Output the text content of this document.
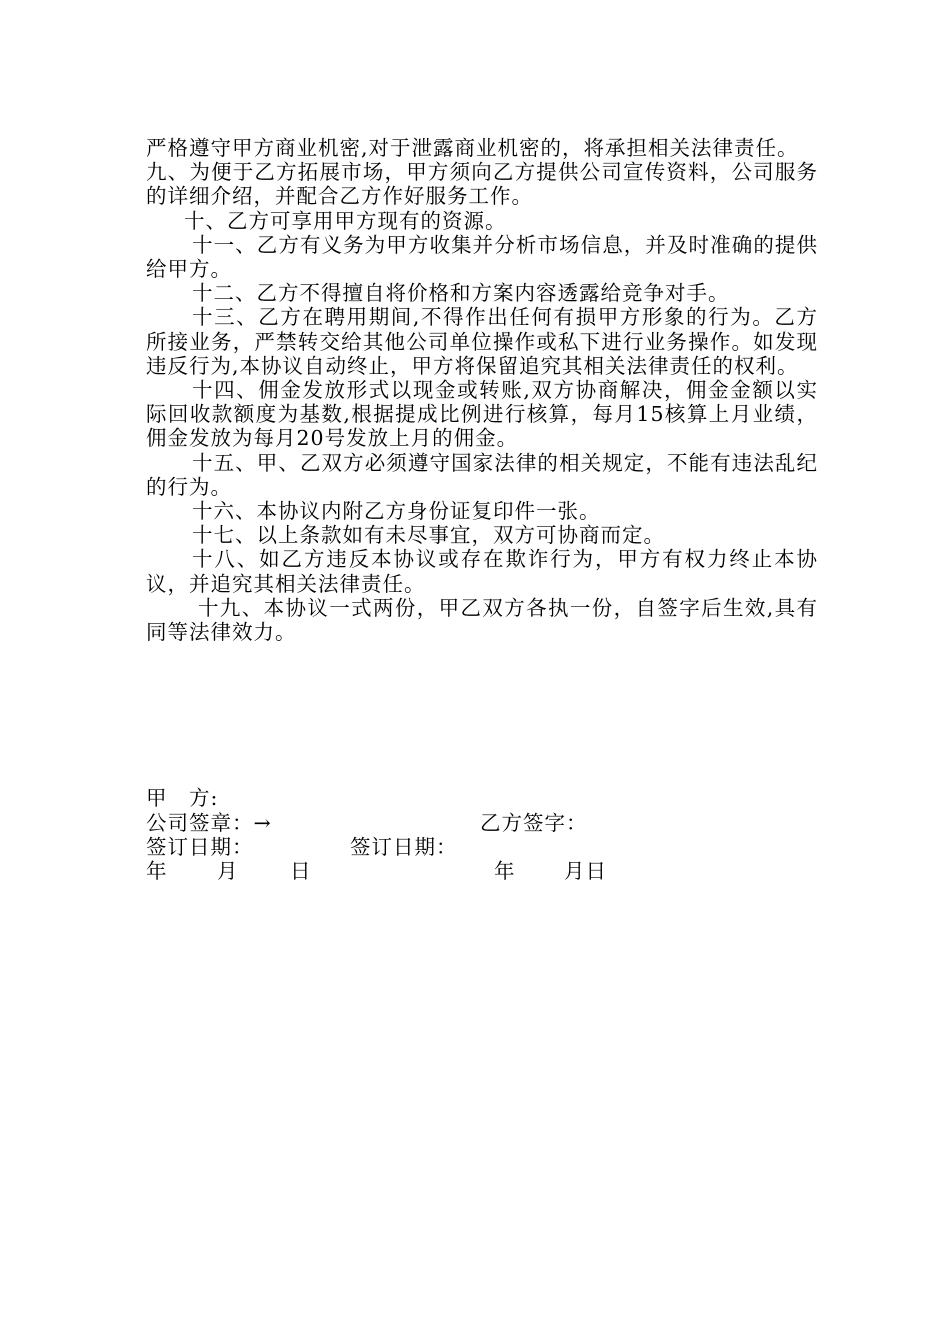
严格遵守甲方商业机密,对于泄露商业机密的，将承担相关法律责任。

九、为便于乙方拓展市场，甲方须向乙方提供公司宣传资料，公司服务的详细介绍，并配合乙方作好服务工作。

十、乙方可享用甲方现有的资源。

十一、乙方有义务为甲方收集并分析市场信息，并及时准确的提供给甲方。

十二、乙方不得擅自将价格和方案内容透露给竞争对手。

十三、乙方在聘用期间,不得作出任何有损甲方形象的行为。乙方所接业务，严禁转交给其他公司单位操作或私下进行业务操作。如发现违反行为,本协议自动终止，甲方将保留追究其相关法律责任的权利。

十四、佣金发放形式以现金或转账,双方协商解决，佣金金额以实际回收款额度为基数,根据提成比例进行核算，每月15核算上月业绩，佣金发放为每月20号发放上月的佣金。

十五、甲、乙双方必须遵守国家法律的相关规定，不能有违法乱纪的行为。

十六、本协议内附乙方身份证复印件一张。

十七、以上条款如有未尽事宜，双方可协商而定。

十八、如乙方违反本协议或存在欺诈行为，甲方有权力终止本协议，并追究其相关法律责任。

十九、本协议一式两份，甲乙双方各执一份，自签字后生效,具有同等法律效力。

甲　方:
公司签章：→	乙方签字：
签订日期：	签订日期：
年 月	日	年 月日
